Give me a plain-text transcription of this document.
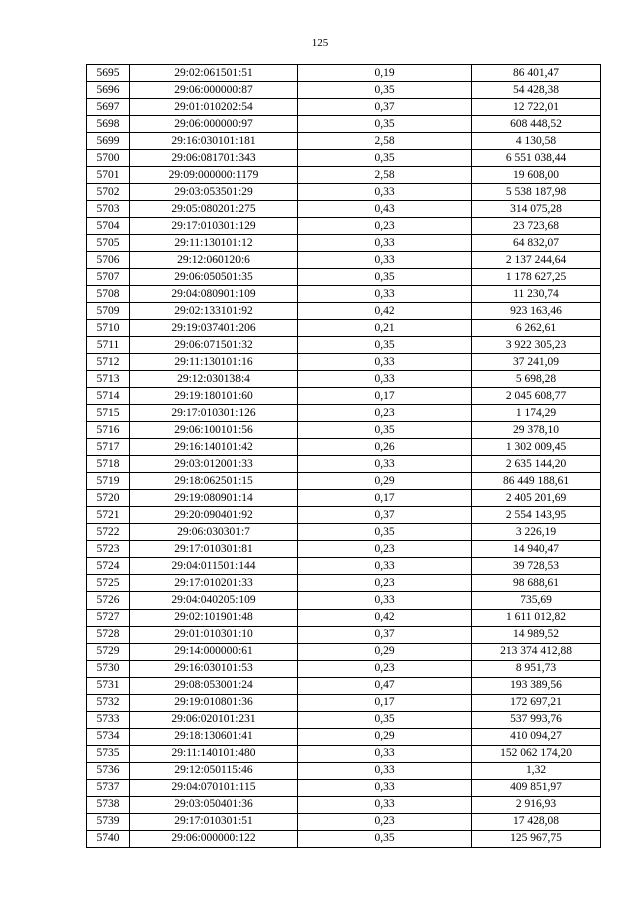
125
5695	29:02:061501:51	0,19	86 401,47
5696	29:06:000000:87	0,35	54 428,38
5697	29:01:010202:54	0,37	12 722,01
5698	29:06:000000:97	0,35	608 448,52
5699	29:16:030101:181	2,58	4 130,58
5700	29:06:081701:343	0,35	6 551 038,44
5701	29:09:000000:1179	2,58	19 608,00
5702	29:03:053501:29	0,33	5 538 187,98
5703	29:05:080201:275	0,43	314 075,28
5704	29:17:010301:129	0,23	23 723,68
5705	29:11:130101:12	0,33	64 832,07
5706	29:12:060120:6	0,33	2 137 244,64
5707	29:06:050501:35	0,35	1 178 627,25
5708	29:04:080901:109	0,33	11 230,74
5709	29:02:133101:92	0,42	923 163,46
5710	29:19:037401:206	0,21	6 262,61
5711	29:06:071501:32	0,35	3 922 305,23
5712	29:11:130101:16	0,33	37 241,09
5713	29:12:030138:4	0,33	5 698,28
5714	29:19:180101:60	0,17	2 045 608,77
5715	29:17:010301:126	0,23	1 174,29
5716	29:06:100101:56	0,35	29 378,10
5717	29:16:140101:42	0,26	1 302 009,45
5718	29:03:012001:33	0,33	2 635 144,20
5719	29:18:062501:15	0,29	86 449 188,61
5720	29:19:080901:14	0,17	2 405 201,69
5721	29:20:090401:92	0,37	2 554 143,95
5722	29:06:030301:7	0,35	3 226,19
5723	29:17:010301:81	0,23	14 940,47
5724	29:04:011501:144	0,33	39 728,53
5725	29:17:010201:33	0,23	98 688,61
5726	29:04:040205:109	0,33	735,69
5727	29:02:101901:48	0,42	1 611 012,82
5728	29:01:010301:10	0,37	14 989,52
5729	29:14:000000:61	0,29	213 374 412,88
5730	29:16:030101:53	0,23	8 951,73
5731	29:08:053001:24	0,47	193 389,56
5732	29:19:010801:36	0,17	172 697,21
5733	29:06:020101:231	0,35	537 993,76
5734	29:18:130601:41	0,29	410 094,27
5735	29:11:140101:480	0,33	152 062 174,20
5736	29:12:050115:46	0,33	1,32
5737	29:04:070101:115	0,33	409 851,97
5738	29:03:050401:36	0,33	2 916,93
5739	29:17:010301:51	0,23	17 428,08
5740	29:06:000000:122	0,35	125 967,75
